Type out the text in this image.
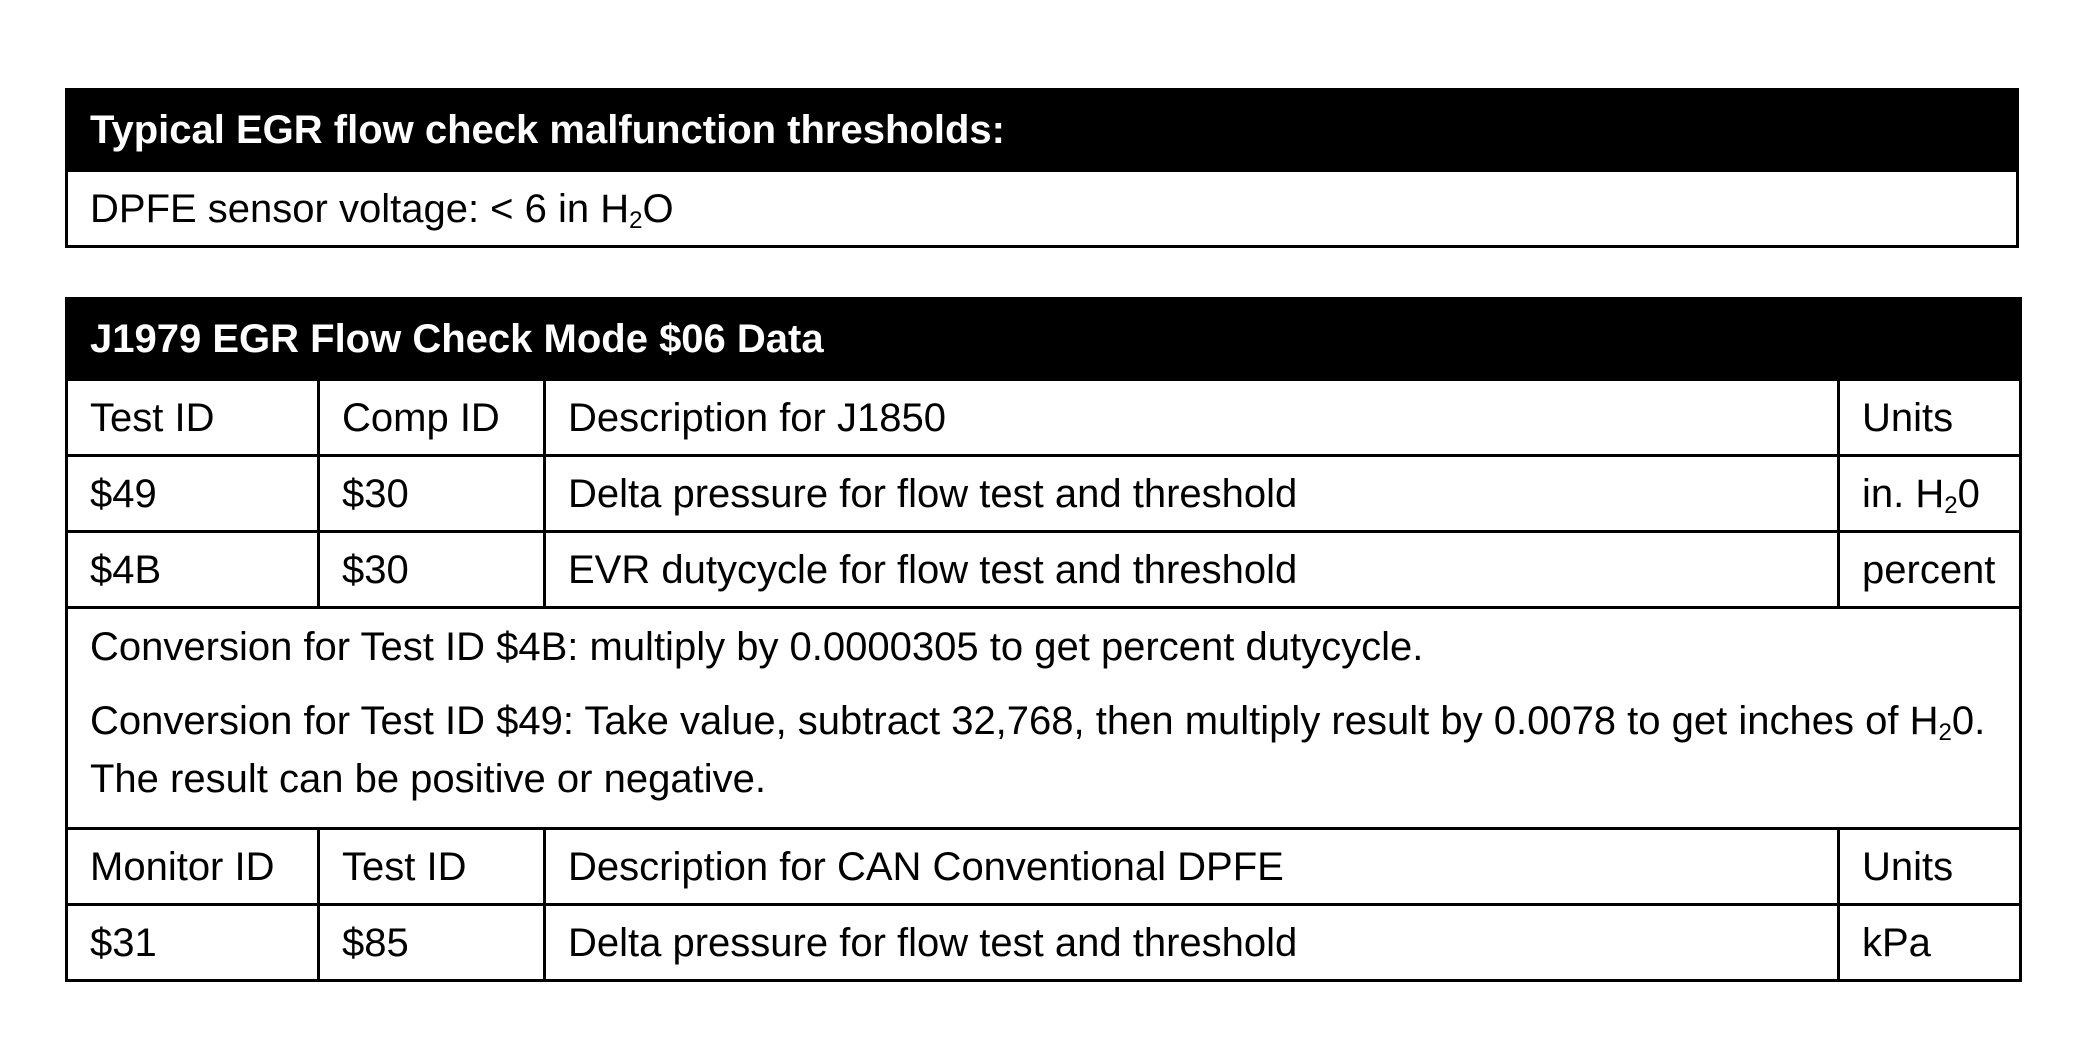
Typical EGR flow check malfunction thresholds:
DPFE sensor voltage: < 6 in H2O
J1979 EGR Flow Check Mode $06 Data			
Test ID	Comp ID	Description for J1850	Units
$49	$30	Delta pressure for flow test and threshold	in. H20
$4B	$30	EVR dutycycle for flow test and threshold	percent

Conversion for Test ID $4B: multiply by 0.0000305 to get percent dutycycle.

Conversion for Test ID $49: Take value, subtract 32,768, then multiply result by 0.0078 to get inches of H20.
The result can be positive or negative.			

Monitor ID	Test ID	Description for CAN Conventional DPFE	Units
$31	$85	Delta pressure for flow test and threshold	kPa
